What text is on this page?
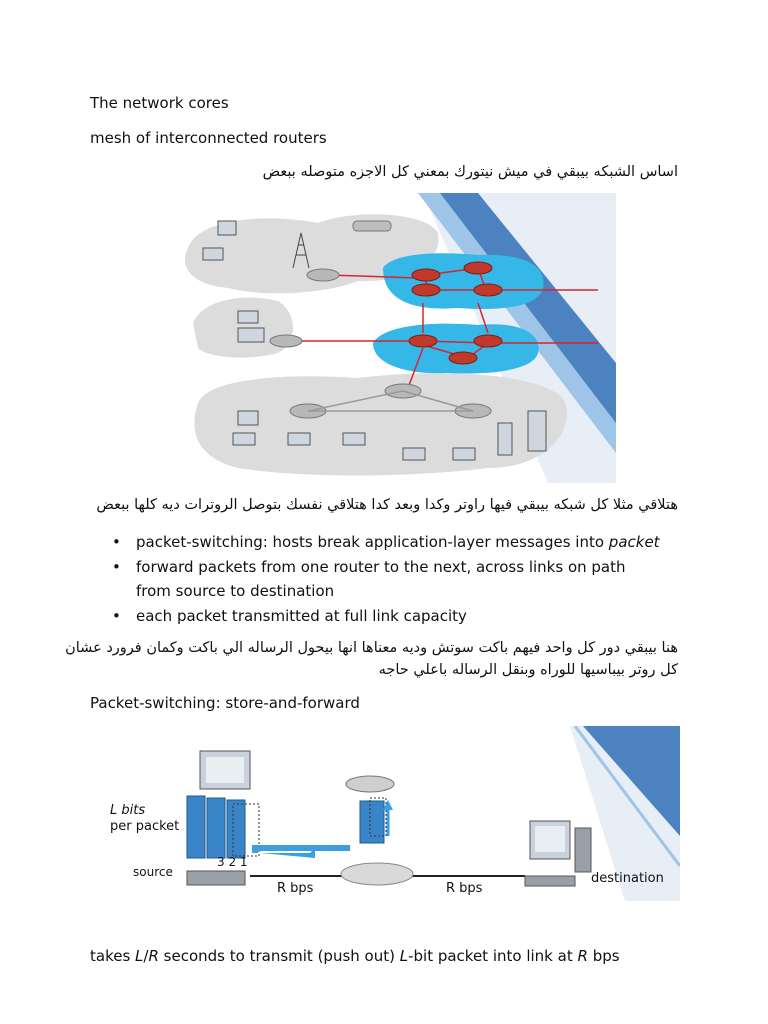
The network cores
mesh of interconnected routers
اساس الشبكه بيبقي في ميش نيتورك بمعني كل الاجزه متوصله ببعض
هتلاقي مثلا كل شبكه بيبقي فيها راوتر وكدا وبعد كدا هتلاقي نفسك بتوصل الروترات ديه كلها ببعض
• packet-switching: hosts break application-layer messages into packet
• forward packets from one router to the next, across links on path from source to destination
• each packet transmitted at full link capacity
هنا بيبقي دور كل واحد فيهم باكت سوتش وديه معناها انها بيحول الرساله الي باكت وكمان فرورد عشان
كل روتر بيباسيها للوراه وبنقل الرساله باعلي حاجه
Packet-switching: store-and-forward
L bits
per packet
3 2 1
source
R bps	R bps
destination
takes L/R seconds to transmit (push out) L-bit packet into link at R bps
